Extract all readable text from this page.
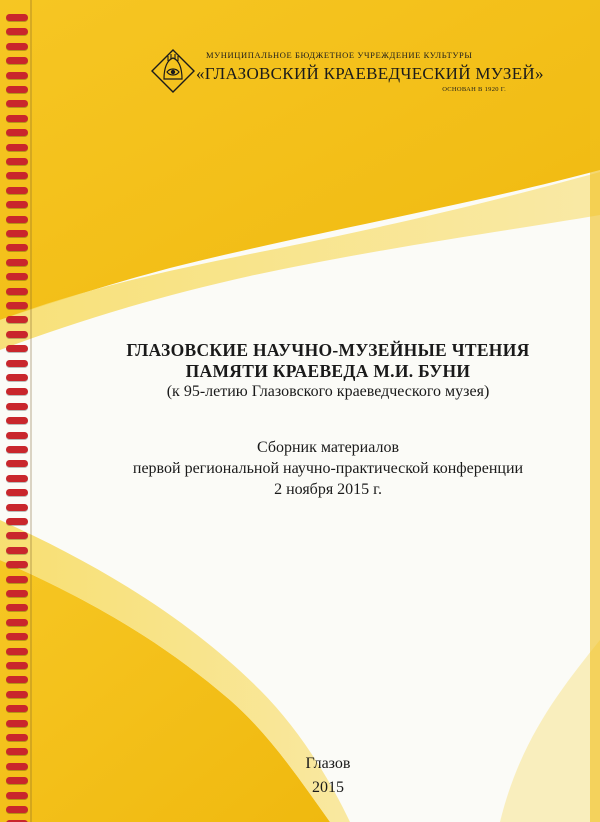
МУНИЦИПАЛЬНОЕ БЮДЖЕТНОЕ УЧРЕЖДЕНИЕ КУЛЬТУРЫ
«ГЛАЗОВСКИЙ КРАЕВЕДЧЕСКИЙ МУЗЕЙ»
ОСНОВАН В 1920 Г.
ГЛАЗОВСКИЕ НАУЧНО-МУЗЕЙНЫЕ ЧТЕНИЯ
ПАМЯТИ КРАЕВЕДА М.И. БУНИ
(к 95-летию Глазовского краеведческого музея)
Сборник материалов
первой региональной научно-практической конференции
2 ноября 2015 г.
Глазов
2015
